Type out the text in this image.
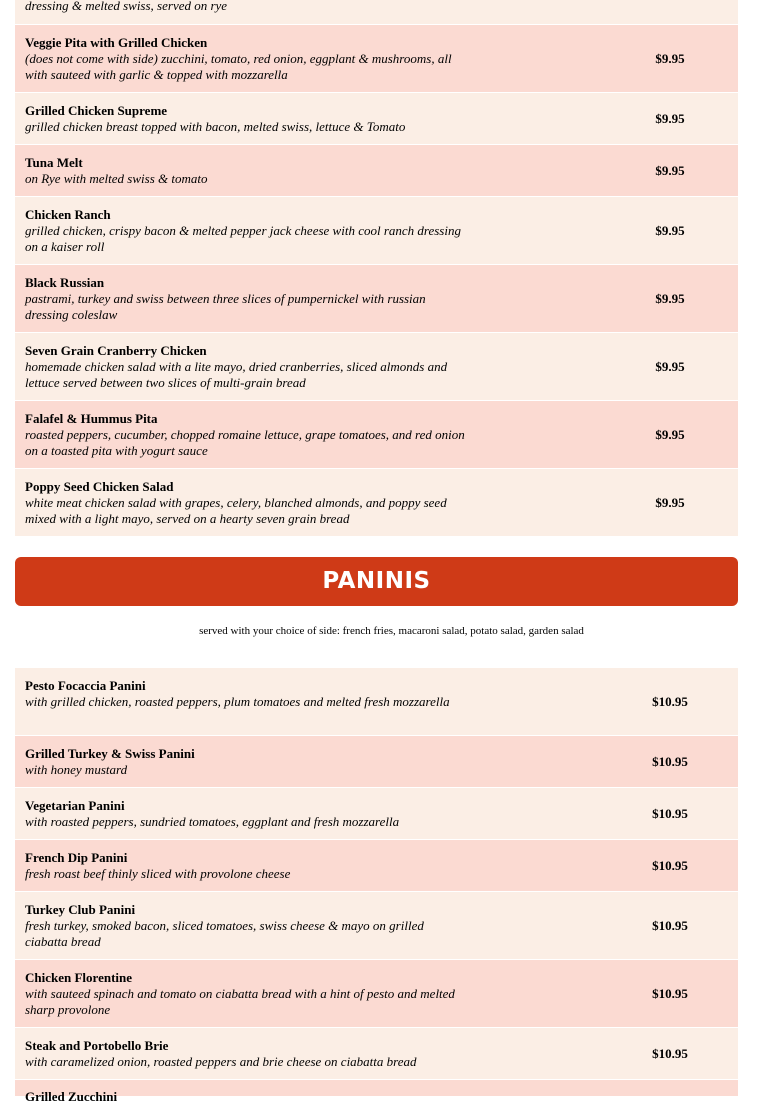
dressing & melted swiss, served on rye
Veggie Pita with Grilled Chicken
(does not come with side) zucchini, tomato, red onion, eggplant & mushrooms, all with sauteed with garlic & topped with mozzarella
$9.95
Grilled Chicken Supreme
grilled chicken breast topped with bacon, melted swiss, lettuce & Tomato
$9.95
Tuna Melt
on Rye with melted swiss & tomato
$9.95
Chicken Ranch
grilled chicken, crispy bacon & melted pepper jack cheese with cool ranch dressing on a kaiser roll
$9.95
Black Russian
pastrami, turkey and swiss between three slices of pumpernickel with russian dressing coleslaw
$9.95
Seven Grain Cranberry Chicken
homemade chicken salad with a lite mayo, dried cranberries, sliced almonds and lettuce served between two slices of multi-grain bread
$9.95
Falafel & Hummus Pita
roasted peppers, cucumber, chopped romaine lettuce, grape tomatoes, and red onion on a toasted pita with yogurt sauce
$9.95
Poppy Seed Chicken Salad
white meat chicken salad with grapes, celery, blanched almonds, and poppy seed mixed with a light mayo, served on a hearty seven grain bread
$9.95
PANINIS
served with your choice of side: french fries, macaroni salad, potato salad, garden salad
Pesto Focaccia Panini
with grilled chicken, roasted peppers, plum tomatoes and melted fresh mozzarella	$10.95
Grilled Turkey & Swiss Panini
with honey mustard
$10.95
Vegetarian Panini
with roasted peppers, sundried tomatoes, eggplant and fresh mozzarella
$10.95
French Dip Panini
fresh roast beef thinly sliced with provolone cheese
$10.95
Turkey Club Panini
fresh turkey, smoked bacon, sliced tomatoes, swiss cheese & mayo on grilled ciabatta bread
$10.95
Chicken Florentine
with sauteed spinach and tomato on ciabatta bread with a hint of pesto and melted sharp provolone
$10.95
Steak and Portobello Brie
with caramelized onion, roasted peppers and brie cheese on ciabatta bread
$10.95
Grilled Zucchini
